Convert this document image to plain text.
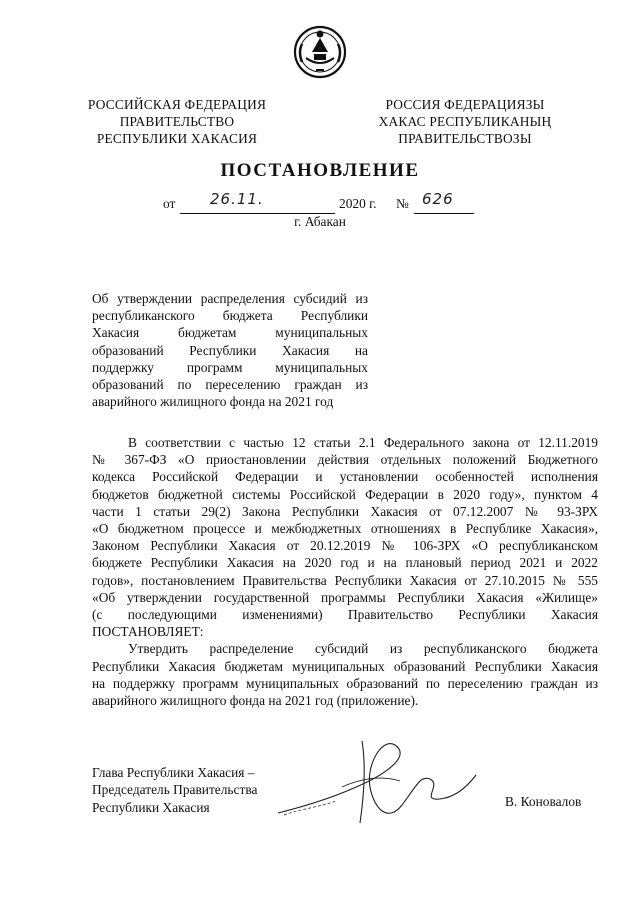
РОССИЙСКАЯ ФЕДЕРАЦИЯ
ПРАВИТЕЛЬСТВО
РЕСПУБЛИКИ ХАКАСИЯ
РОССИЯ ФЕДЕРАЦИЯЗЫ
ХАКАС РЕСПУБЛИКАНЫҢ
ПРАВИТЕЛЬСТВОЗЫ
ПОСТАНОВЛЕНИЕ
от 26.11.	2020 г. № 626
г. Абакан
Об утверждении распределения субсидий из
республиканского бюджета Республики
Хакасия бюджетам муниципальных
образований Республики Хакасия на
поддержку программ муниципальных
образований по переселению граждан из
аварийного жилищного фонда на 2021 год
В соответствии с частью 12 статьи 2.1 Федерального закона от 12.11.2019
№ 367-ФЗ «О приостановлении действия отдельных положений Бюджетного
кодекса Российской Федерации и установлении особенностей исполнения
бюджетов бюджетной системы Российской Федерации в 2020 году», пунктом 4
части 1 статьи 29(2) Закона Республики Хакасия от 07.12.2007 № 93-ЗРХ
«О бюджетном процессе и межбюджетных отношениях в Республике Хакасия»,
Законом Республики Хакасия от 20.12.2019 № 106-ЗРХ «О республиканском
бюджете Республики Хакасия на 2020 год и на плановый период 2021 и 2022
годов», постановлением Правительства Республики Хакасия от 27.10.2015 № 555
«Об утверждении государственной программы Республики Хакасия «Жилище»
(с последующими изменениями) Правительство Республики Хакасия
ПОСТАНОВЛЯЕТ:
Утвердить распределение субсидий из республиканского бюджета
Республики Хакасия бюджетам муниципальных образований Республики Хакасия
на поддержку программ муниципальных образований по переселению граждан из
аварийного жилищного фонда на 2021 год (приложение).
Глава Республики Хакасия –
Председатель Правительства
Республики Хакасия	В. Коновалов
